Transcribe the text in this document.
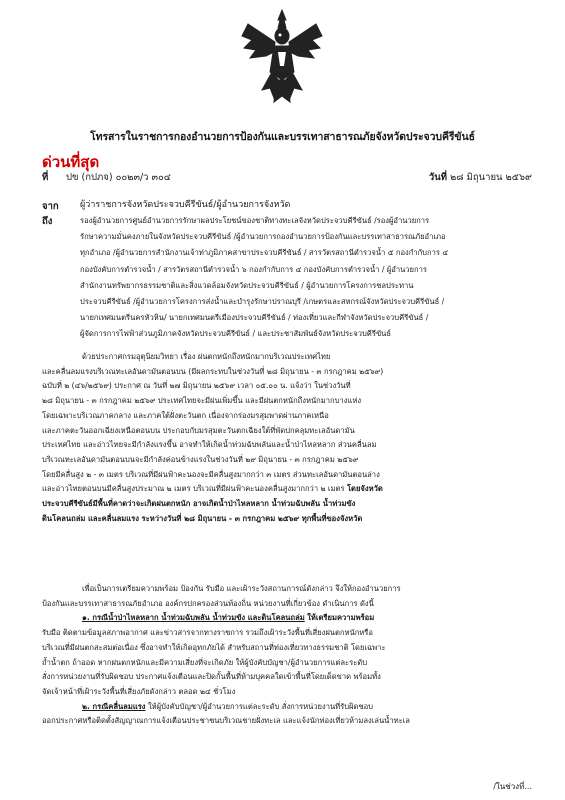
โทรสารในราชการกองอำนวยการป้องกันและบรรเทาสาธารณภัยจังหวัดประจวบคีรีขันธ์
ด่วนที่สุด
ที่ ปข (กปภจ) ๐๐๒๓/ว ๓๐๔	วันที่ ๒๘ มิถุนายน ๒๕๖๙
จาก ผู้ว่าราชการจังหวัดประจวบคีรีขันธ์/ผู้อำนวยการจังหวัด
ถึง	รองผู้อำนวยการศูนย์อำนวยการรักษาผลประโยชน์ของชาติทางทะเลจังหวัดประจวบคีรีขันธ์ /รองผู้อำนวยการ
รักษาความมั่นคงภายในจังหวัดประจวบคีรีขันธ์ /ผู้อำนวยการกองอำนวยการป้องกันและบรรเทาสาธารณภัยอำเภอ
ทุกอำเภอ /ผู้อำนวยการสำนักงานเจ้าท่าภูมิภาคสาขาประจวบคีรีขันธ์ / สารวัตรสถานีตำรวจน้ำ ๕ กองกำกับการ ๔
กองบังคับการตำรวจน้ำ / สารวัตรสถานีตำรวจน้ำ ๖ กองกำกับการ ๔ กองบังคับการตำรวจน้ำ / ผู้อำนวยการ
สำนักงานทรัพยากรธรรมชาติและสิ่งแวดล้อมจังหวัดประจวบคีรีขันธ์ / ผู้อำนวยการโครงการชลประทาน
ประจวบคีรีขันธ์ /ผู้อำนวยการโครงการส่งน้ำและบำรุงรักษาปราณบุรี /เกษตรและสหกรณ์จังหวัดประจวบคีรีขันธ์ /
นายกเทศมนตรีนครหัวหิน/ นายกเทศมนตรีเมืองประจวบคีรีขันธ์ / ท่องเที่ยวและกีฬาจังหวัดประจวบคีรีขันธ์ /
ผู้จัดการการไฟฟ้าส่วนภูมิภาคจังหวัดประจวบคีรีขันธ์ / และประชาสัมพันธ์จังหวัดประจวบคีรีขันธ์
ด้วยประกาศกรมอุตุนิยมวิทยา เรื่อง ฝนตกหนักถึงหนักมากบริเวณประเทศไทย
และคลื่นลมแรงบริเวณทะเลอันดามันตอนบน (มีผลกระทบในช่วงวันที่ ๒๘ มิถุนายน - ๓ กรกฎาคม ๒๕๖๙)
ฉบับที่ ๒ (๔๖/๒๕๖๙) ประกาศ ณ วันที่ ๒๗ มิถุนายน ๒๕๖๙ เวลา ๐๕.๐๐ น. แจ้งว่า ในช่วงวันที่
๒๘ มิถุนายน - ๓ กรกฎาคม ๒๕๖๙ ประเทศไทยจะมีฝนเพิ่มขึ้น และมีฝนตกหนักถึงหนักมากบางแห่ง
โดยเฉพาะบริเวณภาคกลาง และภาคใต้ฝั่งตะวันตก เนื่องจากร่องมรสุมพาดผ่านภาคเหนือ
และภาคตะวันออกเฉียงเหนือตอนบน ประกอบกับมรสุมตะวันตกเฉียงใต้ที่พัดปกคลุมทะเลอันดามัน
ประเทศไทย และอ่าวไทยจะมีกำลังแรงขึ้น อาจทำให้เกิดน้ำท่วมฉับพลันและน้ำป่าไหลหลาก ส่วนคลื่นลม
บริเวณทะเลอันดามันตอนบนจะมีกำลังค่อนข้างแรงในช่วงวันที่ ๒๙ มิถุนายน - ๓ กรกฎาคม ๒๕๖๙
โดยมีคลื่นสูง ๒ - ๓ เมตร บริเวณที่มีฝนฟ้าคะนองจะมีคลื่นสูงมากกว่า ๓ เมตร ส่วนทะเลอันดามันตอนล่าง
และอ่าวไทยตอนบนมีคลื่นสูงประมาณ ๒ เมตร บริเวณที่มีฝนฟ้าคะนองคลื่นสูงมากกว่า ๒ เมตร โดยจังหวัด
ประจวบคีรีขันธ์มีพื้นที่คาดว่าจะเกิดฝนตกหนัก อาจเกิดน้ำป่าไหลหลาก น้ำท่วมฉับพลัน น้ำท่วมขัง
ดินโคลนถล่ม และคลื่นลมแรง ระหว่างวันที่ ๒๘ มิถุนายน - ๓ กรกฎาคม ๒๕๖๙ ทุกพื้นที่ของจังหวัด
เพื่อเป็นการเตรียมความพร้อม ป้องกัน รับมือ และเฝ้าระวังสถานการณ์ดังกล่าว จึงให้กองอำนวยการ
ป้องกันและบรรเทาสาธารณภัยอำเภอ องค์กรปกครองส่วนท้องถิ่น หน่วยงานที่เกี่ยวข้อง ดำเนินการ ดังนี้
๑. กรณีน้ำป่าไหลหลาก น้ำท่วมฉับพลัน น้ำท่วมขัง และดินโคลนถล่ม ให้เตรียมความพร้อม
รับมือ ติดตามข้อมูลสภาพอากาศ และข่าวสารจากทางราชการ รวมถึงเฝ้าระวังพื้นที่เสี่ยงฝนตกหนักหรือ
บริเวณที่มีฝนตกสะสมต่อเนื่อง ซึ่งอาจทำให้เกิดอุทกภัยได้ สำหรับสถานที่ท่องเที่ยวทางธรรมชาติ โดยเฉพาะ
ถ้ำน้ำตก ถ้าออด หากฝนตกหนักและมีความเสี่ยงที่จะเกิดภัย ให้ผู้บังคับบัญชา/ผู้อำนวยการแต่ละระดับ
สั่งการหน่วยงานที่รับผิดชอบ ประกาศแจ้งเตือนและปิดกั้นพื้นที่ห้ามบุคคลใดเข้าพื้นที่โดยเด็ดขาด พร้อมทั้ง
จัดเจ้าหน้าที่เฝ้าระวังพื้นที่เสี่ยงภัยดังกล่าว ตลอด ๒๔ ชั่วโมง
๒. กรณีคลื่นลมแรง ให้ผู้บังคับบัญชา/ผู้อำนวยการแต่ละระดับ สั่งการหน่วยงานที่รับผิดชอบ
ออกประกาศหรือติดตั้งสัญญาณการแจ้งเตือนประชาชนบริเวณชายฝั่งทะเล และแจ้งนักท่องเที่ยวห้ามลงเล่นน้ำทะเล
/ในช่วงที่...
